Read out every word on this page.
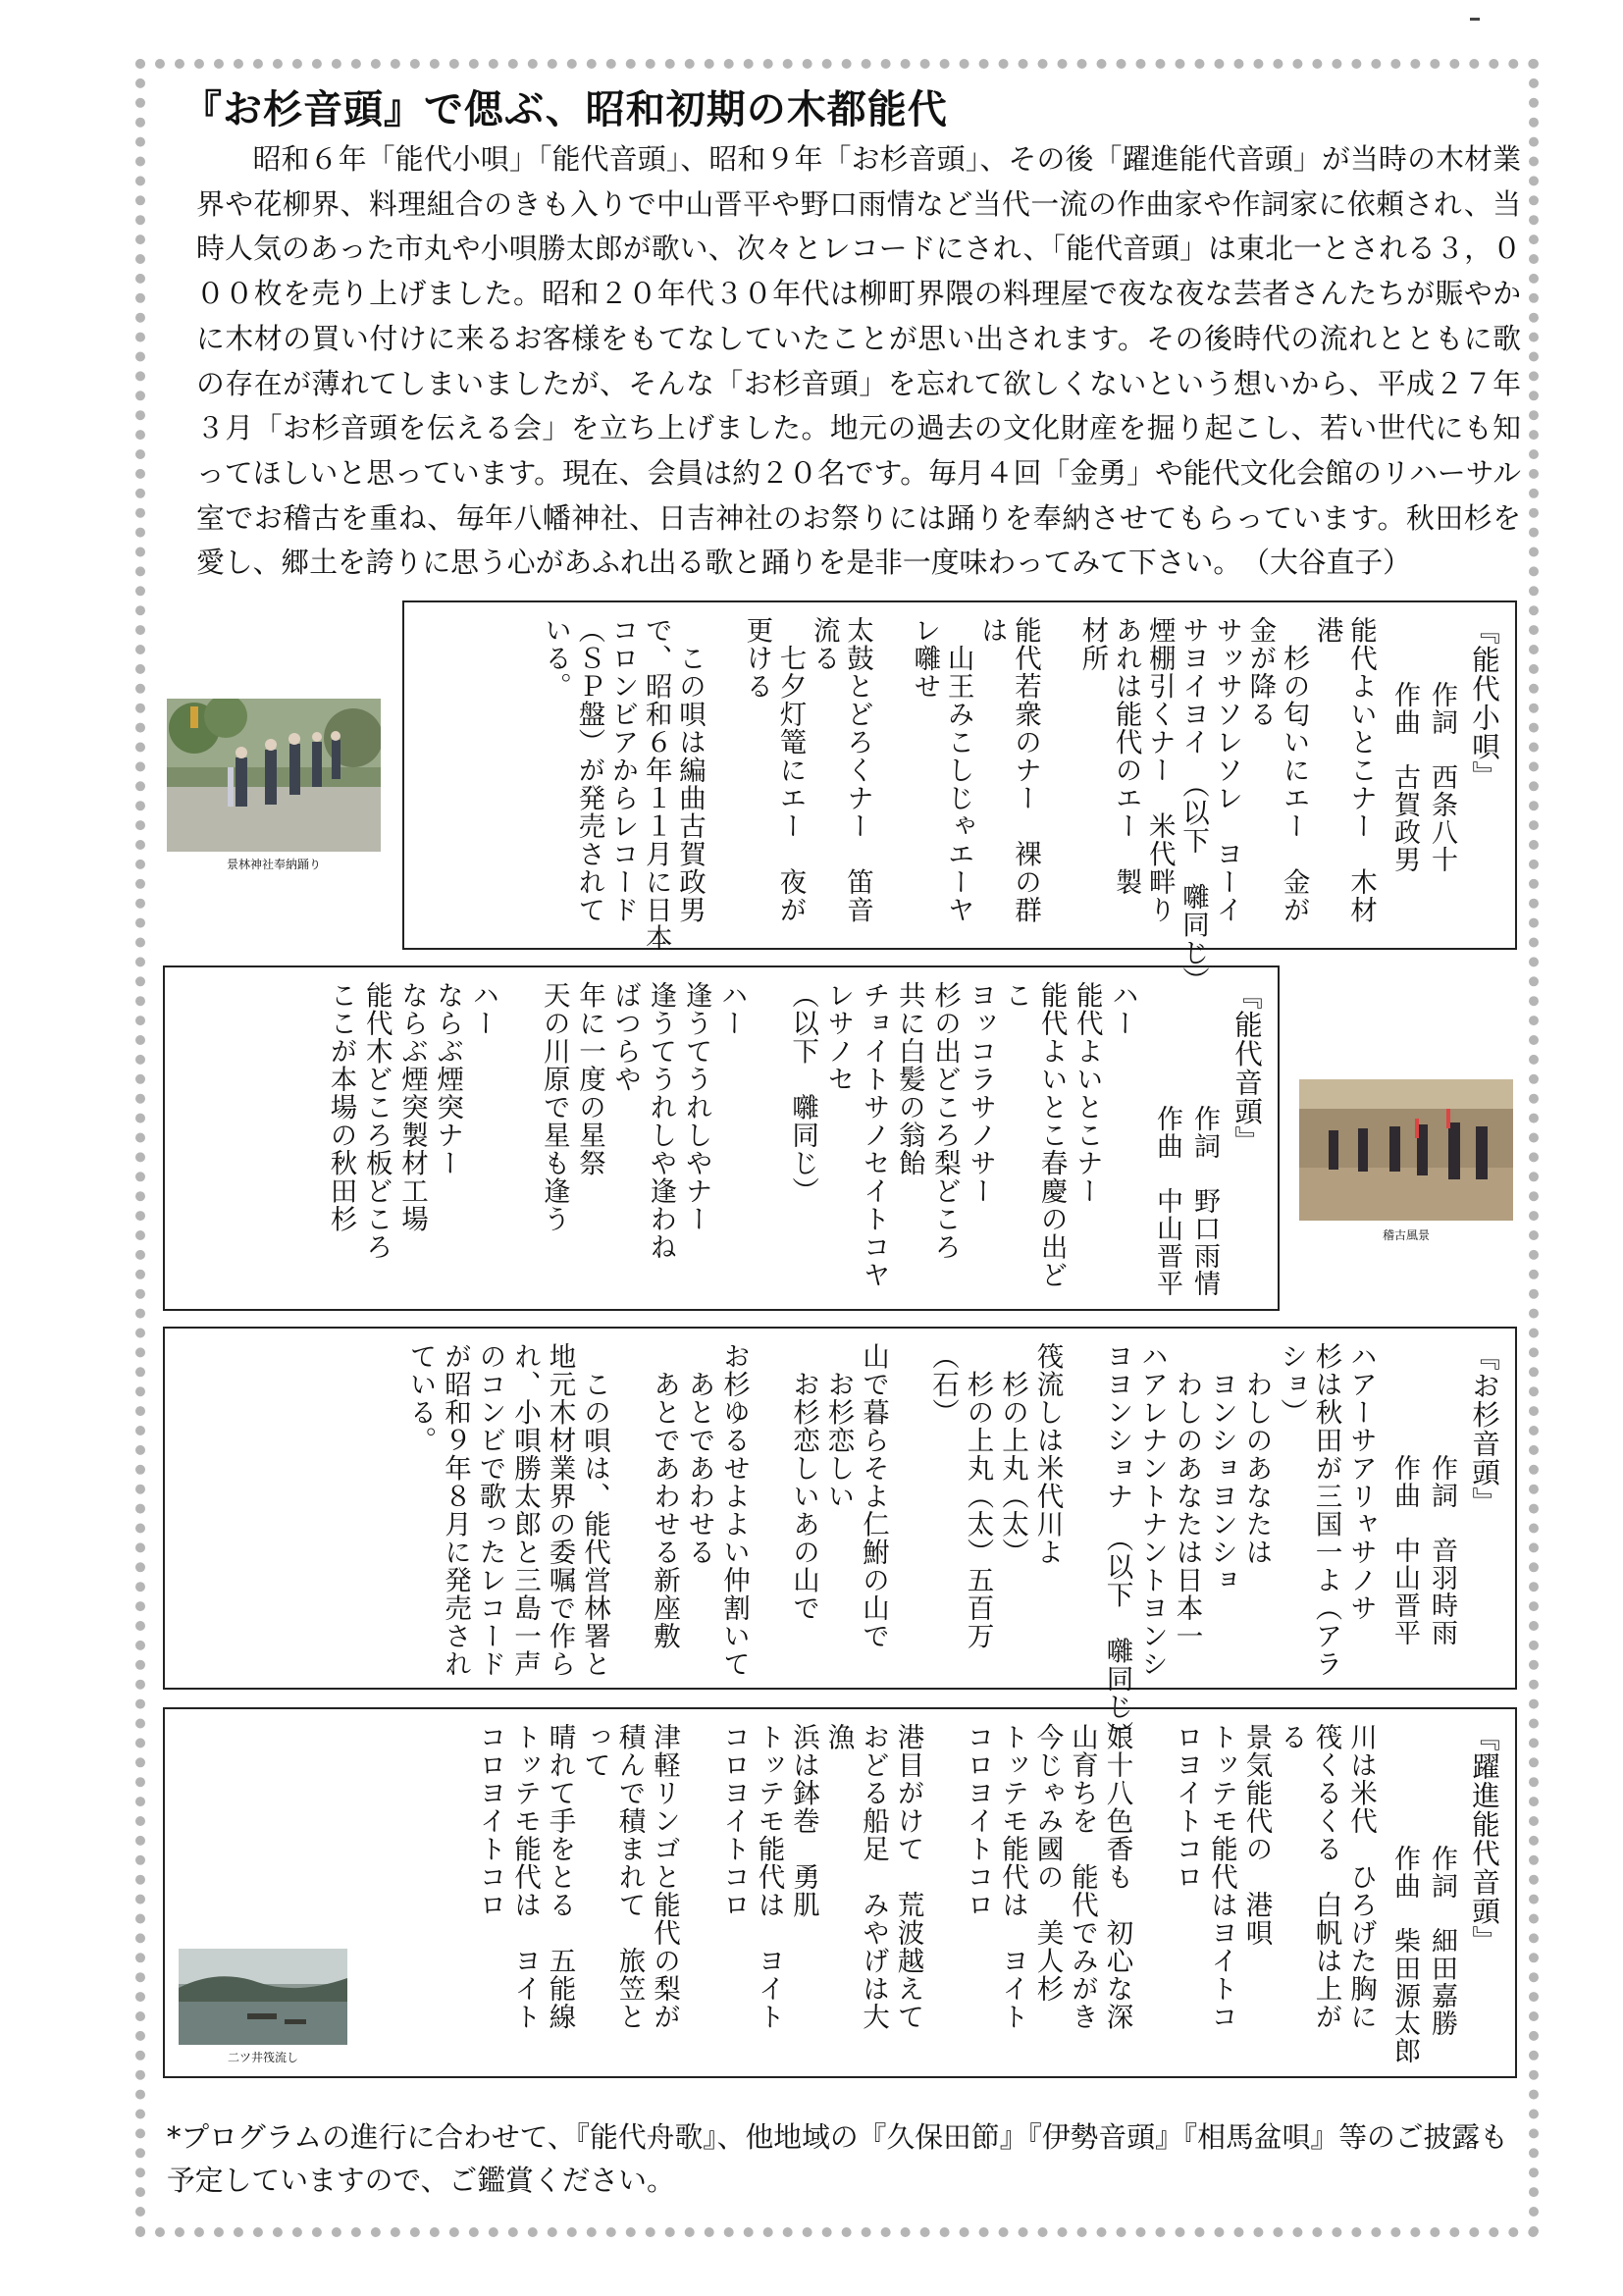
『お杉音頭』で偲ぶ、昭和初期の木都能代

昭和６年「能代小唄」「能代音頭」、昭和９年「お杉音頭」、その後「躍進能代音頭」が当時の木材業界や花柳界、料理組合のきも入りで中山晋平や野口雨情など当代一流の作曲家や作詞家に依頼され、当時人気のあった市丸や小唄勝太郎が歌い、次々とレコードにされ、「能代音頭」は東北一とされる３，０００枚を売り上げました。昭和２０年代３０年代は柳町界隈の料理屋で夜な夜な芸者さんたちが賑やかに木材の買い付けに来るお客様をもてなしていたことが思い出されます。その後時代の流れとともに歌の存在が薄れてしまいましたが、そんな「お杉音頭」を忘れて欲しくないという想いから、平成２７年３月「お杉音頭を伝える会」を立ち上げました。地元の過去の文化財産を掘り起こし、若い世代にも知ってほしいと思っています。現在、会員は約２０名です。毎月４回「金勇」や能代文化会館のリハーサル室でお稽古を重ね、毎年八幡神社、日吉神社のお祭りには踊りを奉納させてもらっています。秋田杉を愛し、郷土を誇りに思う心があふれ出る歌と踊りを是非一度味わってみて下さい。　（大谷直子）

景林神社奉納踊り
『能代小唄』
作詞　西条八十
作曲　古賀政男
能代よいとこナー　木材
港
　杉の匂いにエー　金が
金が降る
サッサソレソレ　ヨーイ
サヨイヨイ　（以下　囃同じ）
煙棚引くナー　米代畔り
あれは能代のエー　製
材所

能代若衆のナー　裸の群
は
　山王みこしじゃエーヤ
レ囃せ

太鼓とどろくナー　笛音
流る
　七夕灯篭にエー　夜が
更ける

　この唄は編曲古賀政男
で、昭和６年１１月に日本
コロンビアからレコード
（ＳＰ盤）が発売されて
いる。
『能代音頭』
作詞　野口雨情
作曲　中山晋平
ハー
能代よいとこナー
能代よいとこ春慶の出ど
こ
ヨッコラサノサー
杉の出どころ梨どころ
共に白髪の翁飴
チョイトサノセイトコヤ
レサノセ
（以下　囃同じ）

ハー
逢うてうれしやナー
逢うてうれしや逢わね
ばつらや
年に一度の星祭
天の川原で星も逢う

ハー
ならぶ煙突ナー
ならぶ煙突製材工場
能代木どころ板どころ
ここが本場の秋田杉
稽古風景
『お杉音頭』
作詞　音羽時雨
作曲　中山晋平
ハアーサアリャサノサ
杉は秋田が三国一よ（アラ
ショ）
　わしのあなたは
　ヨンショヨンショ
　わしのあなたは日本一
ハアレナントナントヨンシ
ヨヨンショナ　（以下　囃同じ）

筏流しは米代川よ
　杉の上丸（太）
　杉の上丸（太）五百万
（石）

山で暮らそよ仁鮒の山で
　お杉恋しい
　お杉恋しいあの山で

お杉ゆるせよよい仲割いて
　あとであわせる
　あとであわせる新座敷

　この唄は、能代営林署と
地元木材業界の委嘱で作ら
れ、小唄勝太郎と三島一声
のコンビで歌ったレコード
が昭和９年８月に発売され
ている。
『躍進能代音頭』
作詞　細田嘉勝
作曲　柴田源太郎
川は米代　ひろげた胸に
筏くるくる　白帆は上が
る
景気能代の　港唄
トッテモ能代はヨイトコ
ロヨイトコロ

娘十八色香も　初心な深
山育ちを　能代でみがき
今じゃみ國の　美人杉
トッテモ能代は　ヨイト
コロヨイトコロ

港目がけて　荒波越えて
おどる船足　みやげは大
漁
浜は鉢巻　勇肌
トッテモ能代は　ヨイト
コロヨイトコロ

津軽リンゴと能代の梨が
積んで積まれて　旅笠と
って
晴れて手をとる　五能線
トッテモ能代は　ヨイト
コロヨイトコロ
二ツ井筏流し

*プログラムの進行に合わせて、『能代舟歌』、他地域の『久保田節』『伊勢音頭』『相馬盆唄』等のご披露も予定していますので、ご鑑賞ください。
